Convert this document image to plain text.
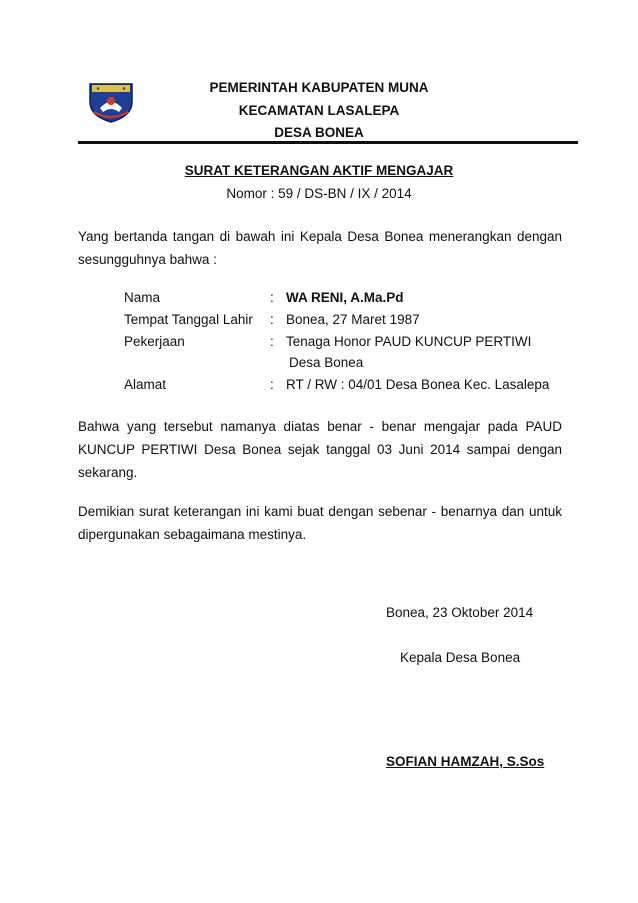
PEMERINTAH KABUPATEN MUNA
KECAMATAN LASALEPA
DESA BONEA
SURAT KETERANGAN AKTIF MENGAJAR
Nomor : 59 / DS-BN / IX / 2014
Yang bertanda tangan di bawah ini Kepala Desa Bonea menerangkan dengan sesungguhnya bahwa :
Nama	: WA RENI, A.Ma.Pd
Tempat Tanggal Lahir : Bonea, 27 Maret 1987
Pekerjaan	: Tenaga Honor PAUD KUNCUP PERTIWI
Desa Bonea
Alamat	: RT / RW : 04/01 Desa Bonea Kec. Lasalepa
Bahwa yang tersebut namanya diatas benar - benar mengajar pada PAUD KUNCUP PERTIWI Desa Bonea sejak tanggal 03 Juni 2014 sampai dengan sekarang.
Demikian surat keterangan ini kami buat dengan sebenar - benarnya dan untuk dipergunakan sebagaimana mestinya.
Bonea, 23 Oktober 2014
Kepala Desa Bonea
SOFIAN HAMZAH, S.Sos
